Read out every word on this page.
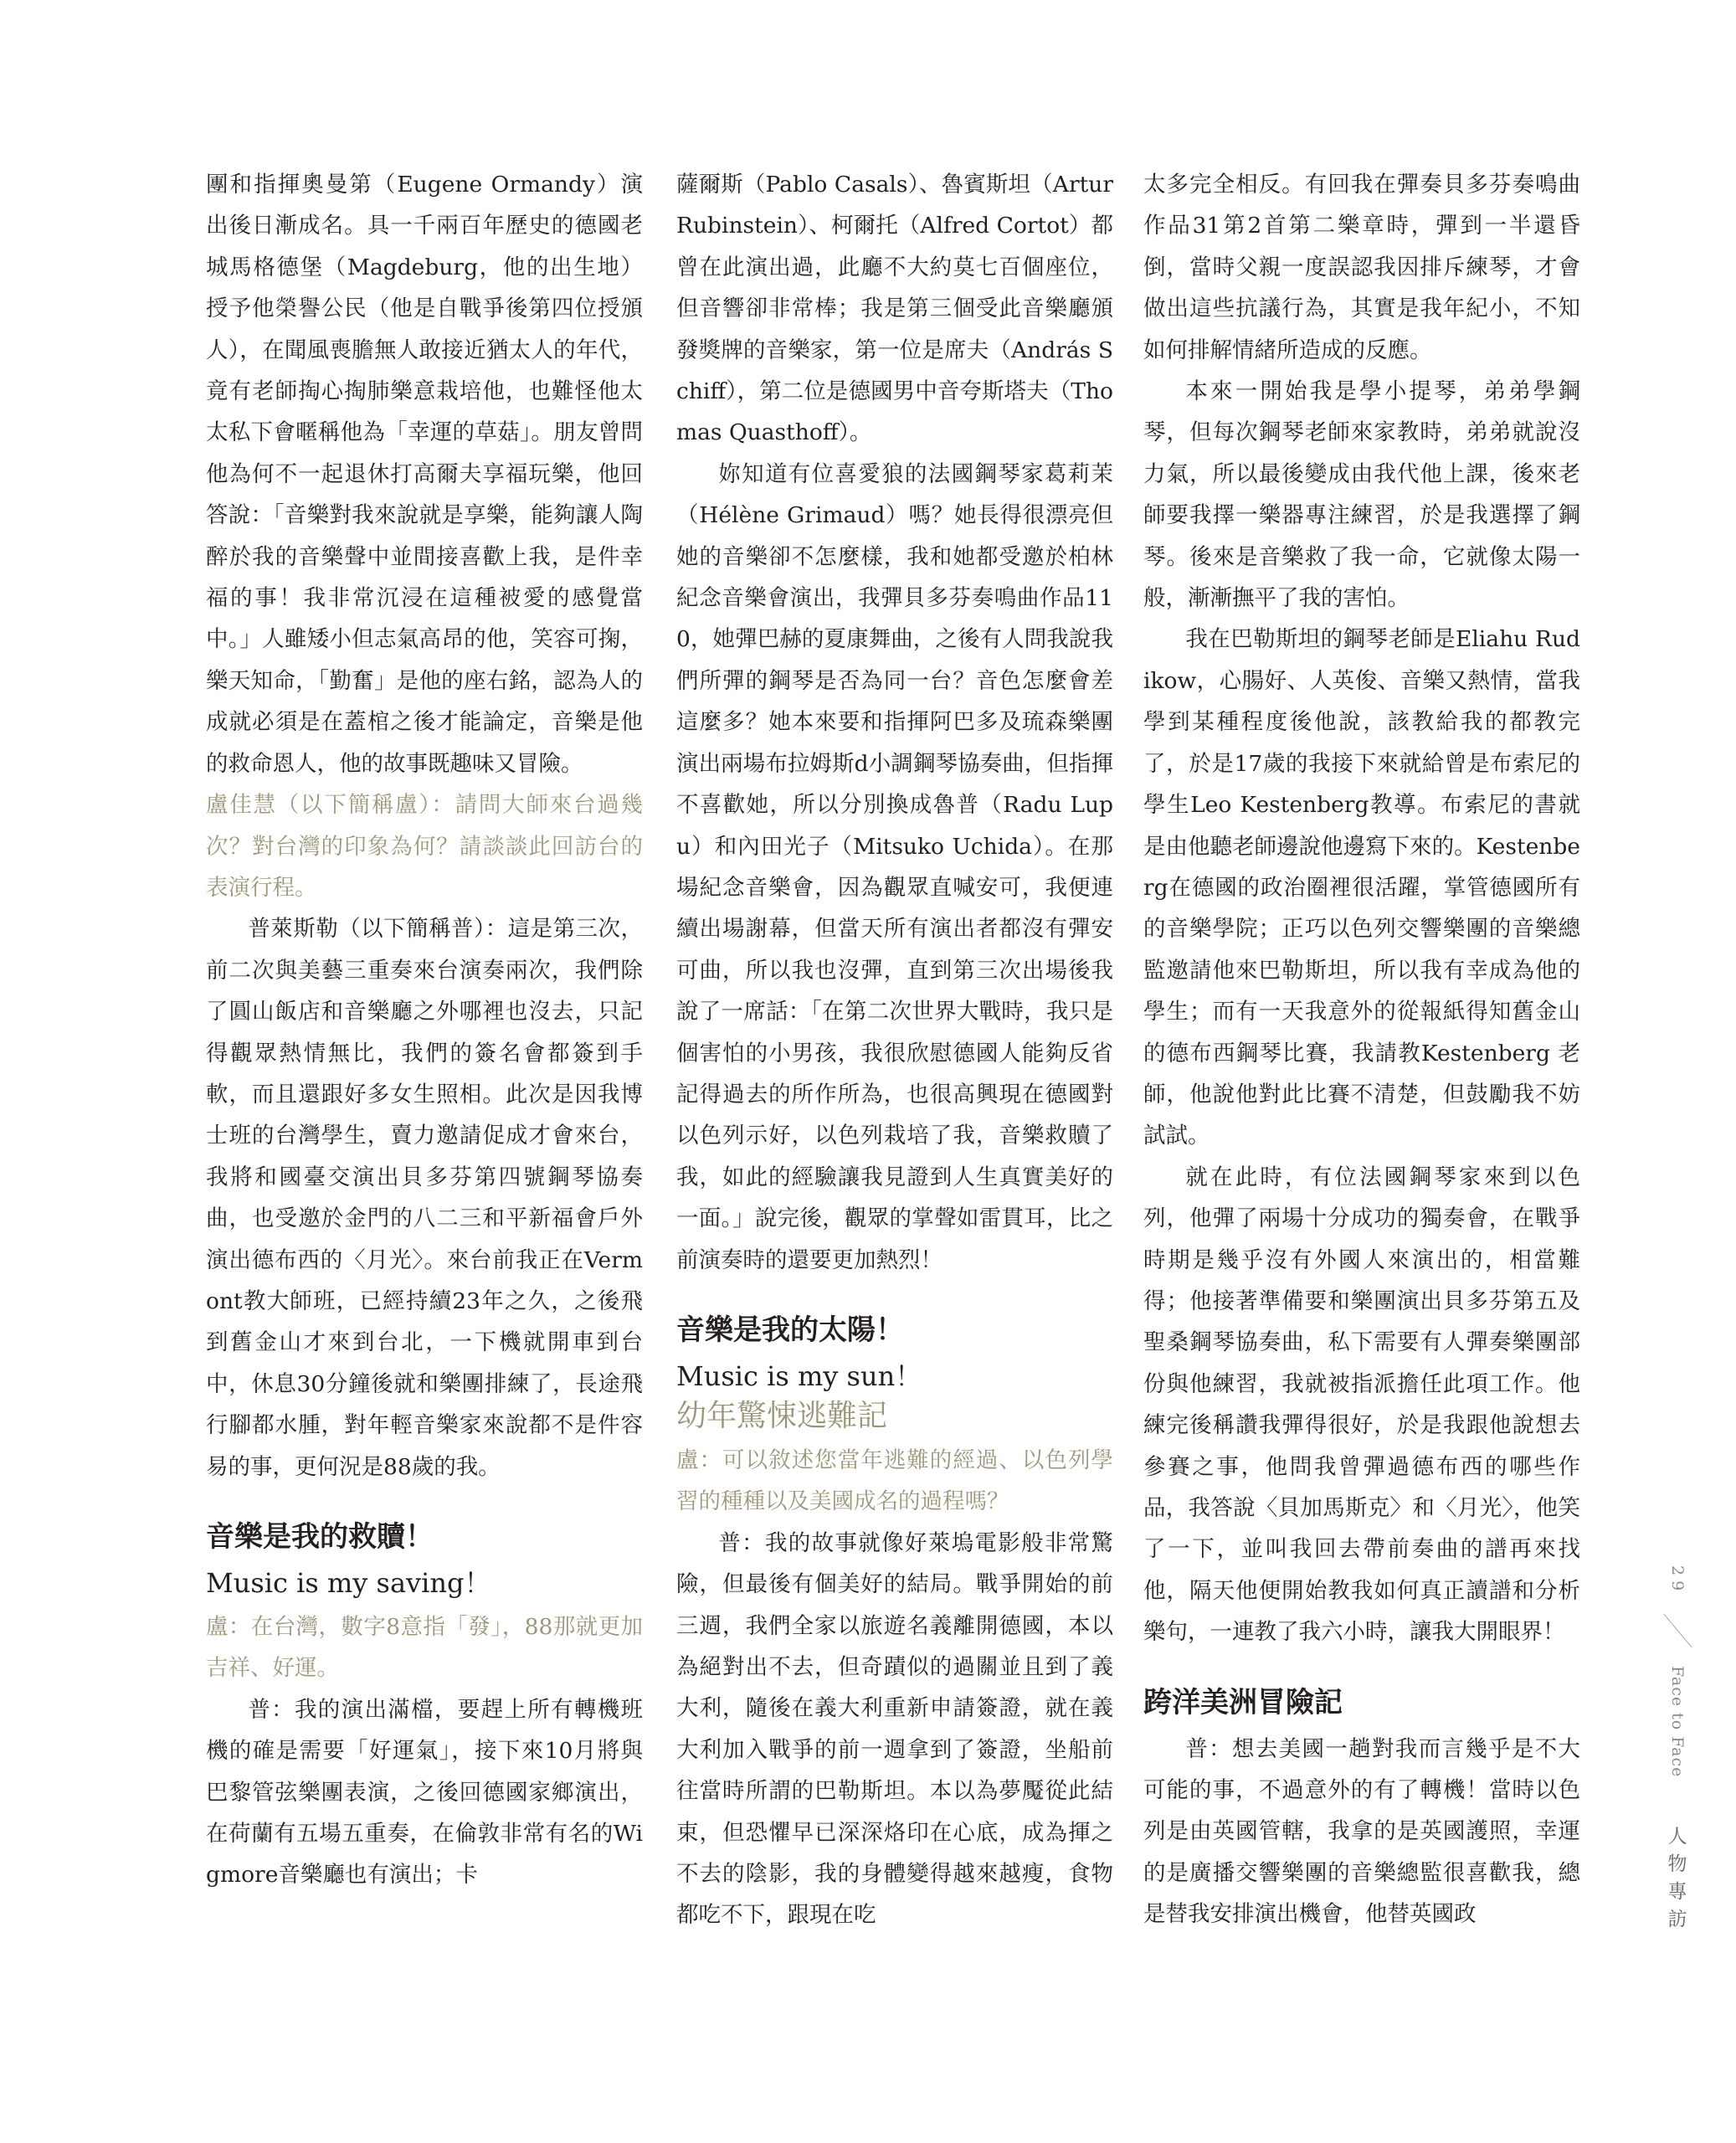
團和指揮奧曼第（Eugene Ormandy）演出後日漸成名。具一千兩百年歷史的德國老城馬格德堡（Magdeburg，他的出生地）授予他榮譽公民（他是自戰爭後第四位授頒人），在聞風喪膽無人敢接近猶太人的年代，竟有老師掏心掏肺樂意栽培他，也難怪他太太私下會暱稱他為「幸運的草菇」。朋友曾問他為何不一起退休打高爾夫享福玩樂，他回答說：「音樂對我來說就是享樂，能夠讓人陶醉於我的音樂聲中並間接喜歡上我，是件幸福的事！我非常沉浸在這種被愛的感覺當中。」人雖矮小但志氣高昂的他，笑容可掬，樂天知命，「勤奮」是他的座右銘，認為人的成就必須是在蓋棺之後才能論定，音樂是他的救命恩人，他的故事既趣味又冒險。

盧佳慧（以下簡稱盧）：請問大師來台過幾次？對台灣的印象為何？請談談此回訪台的表演行程。

普萊斯勒（以下簡稱普）：這是第三次，前二次與美藝三重奏來台演奏兩次，我們除了圓山飯店和音樂廳之外哪裡也沒去，只記得觀眾熱情無比，我們的簽名會都簽到手軟，而且還跟好多女生照相。此次是因我博士班的台灣學生，賣力邀請促成才會來台，我將和國臺交演出貝多芬第四號鋼琴協奏曲，也受邀於金門的八二三和平新福會戶外演出德布西的〈月光〉。來台前我正在Vermont教大師班，已經持續23年之久，之後飛到舊金山才來到台北，一下機就開車到台中，休息30分鐘後就和樂團排練了，長途飛行腳都水腫，對年輕音樂家來說都不是件容易的事，更何況是88歲的我。

音樂是我的救贖！

Music is my saving！

盧：在台灣，數字8意指「發」，88那就更加吉祥、好運。

普：我的演出滿檔，要趕上所有轉機班機的確是需要「好運氣」，接下來10月將與巴黎管弦樂團表演，之後回德國家鄉演出，在荷蘭有五場五重奏，在倫敦非常有名的Wigmore音樂廳也有演出；卡

薩爾斯（Pablo Casals）、魯賓斯坦（Artur Rubinstein）、柯爾托（Alfred Cortot）都曾在此演出過，此廳不大約莫七百個座位，但音響卻非常棒；我是第三個受此音樂廳頒發獎牌的音樂家，第一位是席夫（András Schiff），第二位是德國男中音夸斯塔夫（Thomas Quasthoff）。

妳知道有位喜愛狼的法國鋼琴家葛莉茉（Hélène Grimaud）嗎？她長得很漂亮但她的音樂卻不怎麼樣，我和她都受邀於柏林紀念音樂會演出，我彈貝多芬奏鳴曲作品110，她彈巴赫的夏康舞曲，之後有人問我說我們所彈的鋼琴是否為同一台？音色怎麼會差這麼多？她本來要和指揮阿巴多及琉森樂團演出兩場布拉姆斯d小調鋼琴協奏曲，但指揮不喜歡她，所以分別換成魯普（Radu Lupu）和內田光子（Mitsuko Uchida）。在那場紀念音樂會，因為觀眾直喊安可，我便連續出場謝幕，但當天所有演出者都沒有彈安可曲，所以我也沒彈，直到第三次出場後我說了一席話：「在第二次世界大戰時，我只是個害怕的小男孩，我很欣慰德國人能夠反省記得過去的所作所為，也很高興現在德國對以色列示好，以色列栽培了我，音樂救贖了我，如此的經驗讓我見證到人生真實美好的一面。」說完後，觀眾的掌聲如雷貫耳，比之前演奏時的還要更加熱烈！

音樂是我的太陽！

Music is my sun！

幼年驚悚逃難記

盧：可以敘述您當年逃難的經過、以色列學習的種種以及美國成名的過程嗎？

普：我的故事就像好萊塢電影般非常驚險，但最後有個美好的結局。戰爭開始的前三週，我們全家以旅遊名義離開德國，本以為絕對出不去，但奇蹟似的過關並且到了義大利，隨後在義大利重新申請簽證，就在義大利加入戰爭的前一週拿到了簽證，坐船前往當時所謂的巴勒斯坦。本以為夢魘從此結束，但恐懼早已深深烙印在心底，成為揮之不去的陰影，我的身體變得越來越瘦，食物都吃不下，跟現在吃

太多完全相反。有回我在彈奏貝多芬奏鳴曲作品31第2首第二樂章時，彈到一半還昏倒，當時父親一度誤認我因排斥練琴，才會做出這些抗議行為，其實是我年紀小，不知如何排解情緒所造成的反應。

本來一開始我是學小提琴，弟弟學鋼琴，但每次鋼琴老師來家教時，弟弟就說沒力氣，所以最後變成由我代他上課，後來老師要我擇一樂器專注練習，於是我選擇了鋼琴。後來是音樂救了我一命，它就像太陽一般，漸漸撫平了我的害怕。

我在巴勒斯坦的鋼琴老師是Eliahu Rudikow，心腸好、人英俊、音樂又熱情，當我學到某種程度後他說，該教給我的都教完了，於是17歲的我接下來就給曾是布索尼的學生Leo Kestenberg教導。布索尼的書就是由他聽老師邊說他邊寫下來的。Kestenberg在德國的政治圈裡很活躍，掌管德國所有的音樂學院；正巧以色列交響樂團的音樂總監邀請他來巴勒斯坦，所以我有幸成為他的學生；而有一天我意外的從報紙得知舊金山的德布西鋼琴比賽，我請教Kestenberg 老師，他說他對此比賽不清楚，但鼓勵我不妨試試。

就在此時，有位法國鋼琴家來到以色列，他彈了兩場十分成功的獨奏會，在戰爭時期是幾乎沒有外國人來演出的，相當難得；他接著準備要和樂團演出貝多芬第五及聖桑鋼琴協奏曲，私下需要有人彈奏樂團部份與他練習，我就被指派擔任此項工作。他練完後稱讚我彈得很好，於是我跟他說想去參賽之事，他問我曾彈過德布西的哪些作品，我答說〈貝加馬斯克〉和〈月光〉，他笑了一下，並叫我回去帶前奏曲的譜再來找他，隔天他便開始教我如何真正讀譜和分析樂句，一連教了我六小時，讓我大開眼界！

跨洋美洲冒險記

普：想去美國一趟對我而言幾乎是不大可能的事，不過意外的有了轉機！當時以色列是由英國管轄，我拿的是英國護照，幸運的是廣播交響樂團的音樂總監很喜歡我，總是替我安排演出機會，他替英國政

29
Face to Face
人
物
專
訪
